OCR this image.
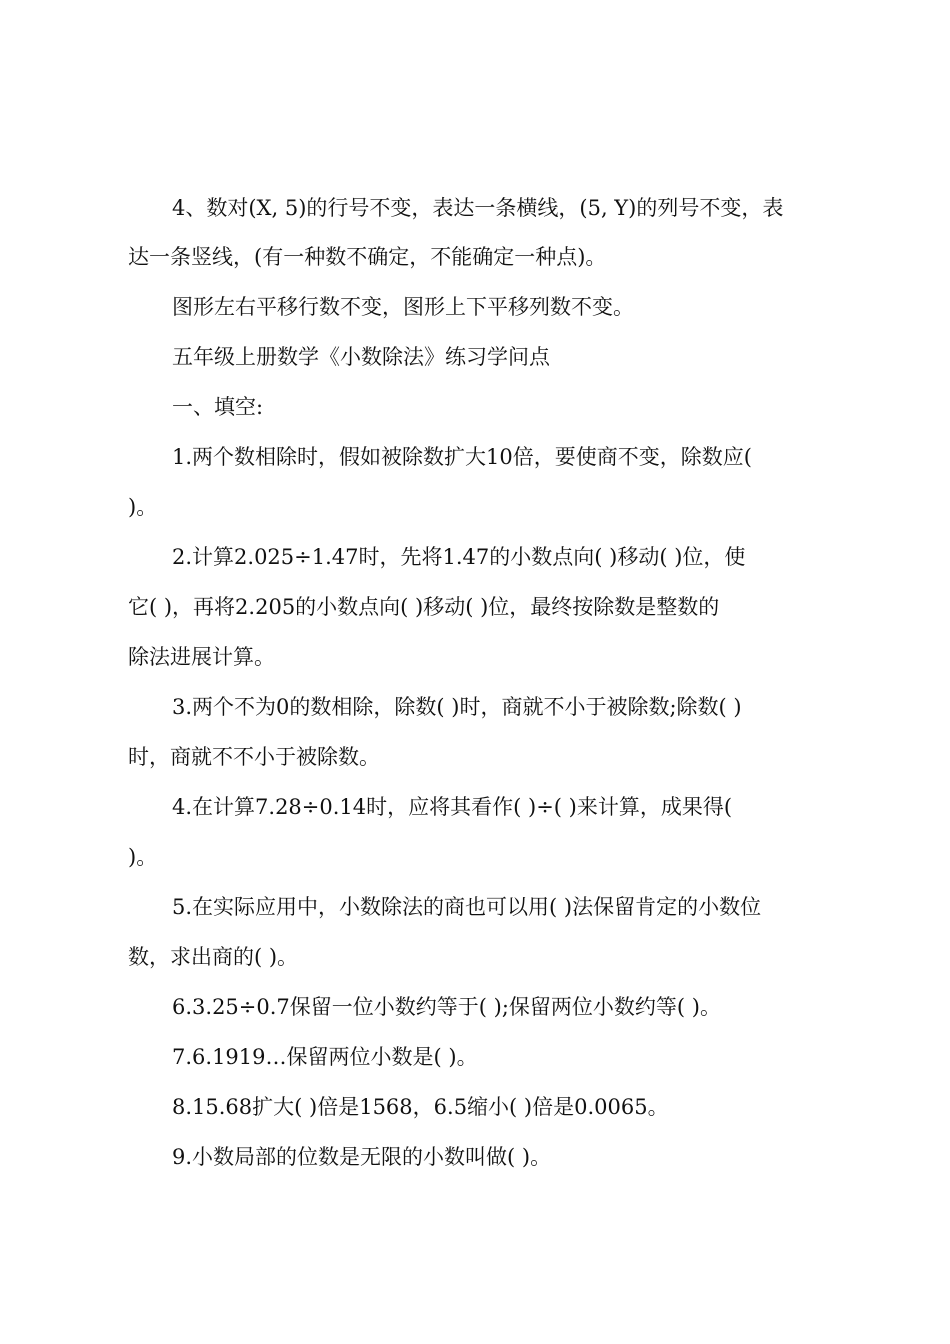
4、数对(X, 5)的行号不变，表达一条横线，(5, Y)的列号不变，表
达一条竖线，(有一种数不确定，不能确定一种点)。
图形左右平移行数不变，图形上下平移列数不变。
五年级上册数学《小数除法》练习学问点
一、填空:
1.两个数相除时，假如被除数扩大10倍，要使商不变，除数应(
)。
2.计算2.025÷1.47时，先将1.47的小数点向( )移动( )位，使
它( )，再将2.205的小数点向( )移动( )位，最终按除数是整数的
除法进展计算。
3.两个不为0的数相除，除数( )时，商就不小于被除数;除数( )
时，商就不不小于被除数。
4.在计算7.28÷0.14时，应将其看作( )÷( )来计算，成果得(
)。
5.在实际应用中，小数除法的商也可以用( )法保留肯定的小数位
数，求出商的( )。
6.3.25÷0.7保留一位小数约等于( );保留两位小数约等( )。
7.6.1919…保留两位小数是( )。
8.15.68扩大( )倍是1568，6.5缩小( )倍是0.0065。
9.小数局部的位数是无限的小数叫做( )。
